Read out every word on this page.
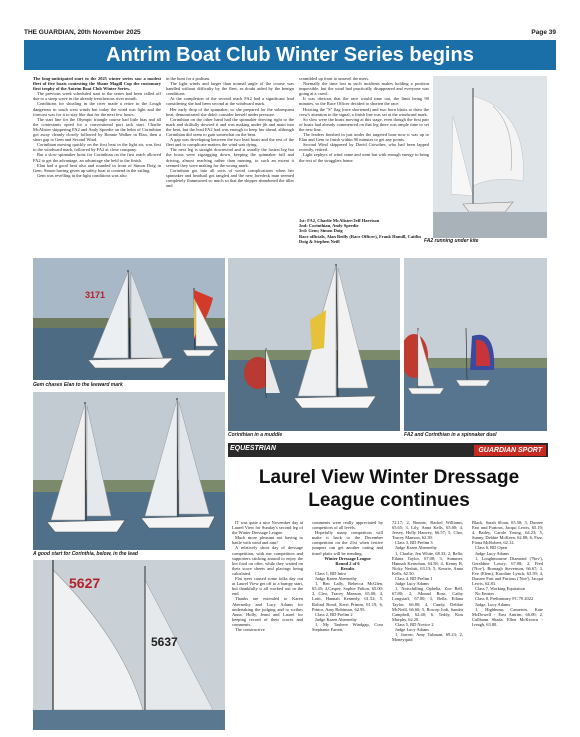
THE GUARDIAN, 20th November 2025	Page 39
Antrim Boat Club Winter Series begins

The long-anticipated start to the 2025 winter series saw a modest fleet of five boats contesting the Shane Magill Cup the customary first trophy of the Antrim Boat Club Winter Series.

The previous week scheduled start to the series had been called off due to a steep wave in the already treacherous river mouth.

Conditions for shoaling in the river made a retire to the Lough dangerous in south west winds but today the wind was light and the forecast was for it to stay like that for the next few hours.

The start line for the Olympic triangle course had little bias and all the contestants opted for a conventional port tack start. Charlie McAlister skippering FA2 and Andy Speedie on the helm of Corinthian got away cleanly closely followed by Ronnie Walker in Elan, then a short gap to Gem and Second Wind.

Corinthian moving quickly on the first beat in the light air, was first to the windward mark, followed by FA2 at close company.

But a slow spinnaker hoist for Corinthian on the first reach allowed FA2 to get the advantage, an advantage she held to the finish.

Elan had a good beat also and rounded in front of Simon Doig in Gem. Simon having given up safety boat to contend in the sailing.

Gem was revelling in the light conditions was also

in the hunt for a podium.

The light winds and larger than normal angle of the course was handled without difficulty by the fleet, as doubt aided by the benign conditions.

At the completion of the second reach FA2 had a significant lead considering she had been second at the windward mark.

Her early drop of the spinnaker, so she prepared for the subsequent beat, demonstrated she didn't consider herself under pressure.

Corinthian on the other hand had the spinnaker droving right to the mark and skilfully dowsed it and was making under jib and main into the beat, but the lead FA2 had was enough to keep her ahead, although Corinthian did seem to gain somewhat on the beat.

A gap was developing between the two lead boats and the rest of the fleet and to complicate matters the wind was dying.

The next leg is straight downwind and is usually the fastest leg but the boats were zigzagging down, keeping the spinnaker full and driving, almost reaching rather than running, to such an extent it seemed they were making for the wrong mark.

Corinthian got into all sorts of weird complications when her spinnaker and headsail got tangled and the new foredeck man seemed completely flummoxed so much so that the skipper abandoned the tiller and

scrambled up front to unravel the mess.

Normally the time lost in such incidents makes holding a position impossible, but the wind had practically disappeared and everyone was going at a crawl.

It was obvious that the race would time out, the limit being 90 minutes, so the Race Officer decided to shorten the race.

Hoisting the "S" flag (race shortened) and two horn blasts to draw the crew's attention to the signal, a finish line was set at the windward mark.

So slow were the boats moving at this stage, even though the first pair of boats had already commenced on that leg there was ample time to set the new line.

The leaders finished in just under the targeted hour now it was up to Elan and Gem to finish within 90 minutes to get any points.

Second Wind skippered by David Crowther, who had been lapped recently, retired.

Light zephyrs of wind came and went but with enough energy to bring the rest of the stragglers home.

1st: FA2, Charlie McAlister/Jeff Harrison
2nd: Corinthian, Andy Speedie
3rd: Gem; Simon Doig
Race officials, Alan Reilly (Race Officer), Frank Hamill, Caitlin Doig & Stephen Neill	FA2 running under kite
Gem chases Elan to the leeward mark
Corinthian in a muddle	FA2 and Corinthian in a spinnaker duel
A good start for Corinthia, below, in the lead
5627
5637
EQUESTRIAN	GUARDIAN SPORT
Laurel View Winter Dressage League continues

IT was quite a nice November day at Laurel View for Sunday's second leg of the Winter Dressage League.

Much more pleasant not having to battle with wind and rain!

A relatively short day of dressage competition, with our competitors and supporters sticking around to enjoy the hot food on offer, while they waited on their score sheets and placings being calculated.

Flat tyres caused some folks day out at Laurel View get off to a bumpy start, but thankfully it all worked out in the end.

Thanks are extended to Karen Abernethy and Lucy Adams for undertaking the judging and to scribes Anna, Holly, Jenni and Laurel for keeping record of their scores and comments.

The constructive

comments were really appreciated by competitors of all levels.

Hopefully many competitors will make it back to the December competition on the 21st when festive jumpers can get another outing and tinsel plaits will be trending.

Winter Dressage League

Round 2 of 6

Results

Class 1, BD Intro

Judge Karen Abernethy

1, Ben Lally, Rebecca McGlen, 65.45; 2,Casper, Sophie Fulton, 65.00; 3, Cleo, Tracey Manson, 65.00; 4, Lotti, Hannah Kennedy, 61.52; 5, Rolind Rond, Kerri Primm, 61.19; 6, Prince, Amy Robinson, 62.95.

Class 2, BD Prelim 2

Judge Karen Abernethy

1, My Tauhere Windgap, Cora Stephanie Farren,

72.17; 2, Bonnie, Rachel Williams, 65.65; 3, Lily, Anna Kells, 65.00; 4, Jersey, Holly Hanvey, 66.57; 5, Cleo, Tracey Manson, 62.39.

Class 3, BD Prelim 3

Judge Karen Abernethy

1, Charlie, Jen White, 68.33; 2, Bella, Eilana Taylor, 67.08; 3, Summer, Hannah Kernohan, 64.58; 4, Kenny B, Nicky Nesbitt, 63.13; 5, Kenzie, Anna Kells, 62.50.

Class 4, BD Prelim 1

Judge Lucy Adams

1, Notschilling Ophelia, Zoe Bell, 67.80; 2, Monad Rose, Cathy Longstaff, 67.00; 3, Bella, Eilana Taylor, 66.80; 4, Candy, Debbie McNeill, 66.60; 5, Rowop Jodi, Sandra Campbell, 62.40; 6, Teddy, Kim Murphy, 62.20.

Class 5, BD Novice 2

Judge Lucy Adams

1, Jarrow, Amy Tubman, 69.23; 2, Moneyquid

Black, Sarah Sloan, 65.58; 3, Dunree Fast and Furious, Jacqui Lewis, 65.19; 4, Bailey, Carole Young, 64.23; 5, Sunny, Debbie McKeen, 62.88; 6, Fizz, Fiona McRobert, 62.12.

Class 6, BD Open

Judge Lucy Adams

1, Longhmourne Diamond ('Nov'), Geraldine Lowry, 67.08; 2, Fred ('Nov'), Bronagh Stevenson, 66.67; 3, Eve (Elem), Karoline Lynch, 63.59; 4, Dunree Fast and Furious ('Nov'), Jacqui Lewis, 62.83.

Class 7, Working Equitation

No Entries

Class 8, Preliminary FC 70 2022

Judge, Lucy Adams

1, Highbums Cameron, Kate McDowell - East Antrim, 66.00; 2, Cullbaun Shada, Ellen McKeown - Iveagh, 63.80.

3171
